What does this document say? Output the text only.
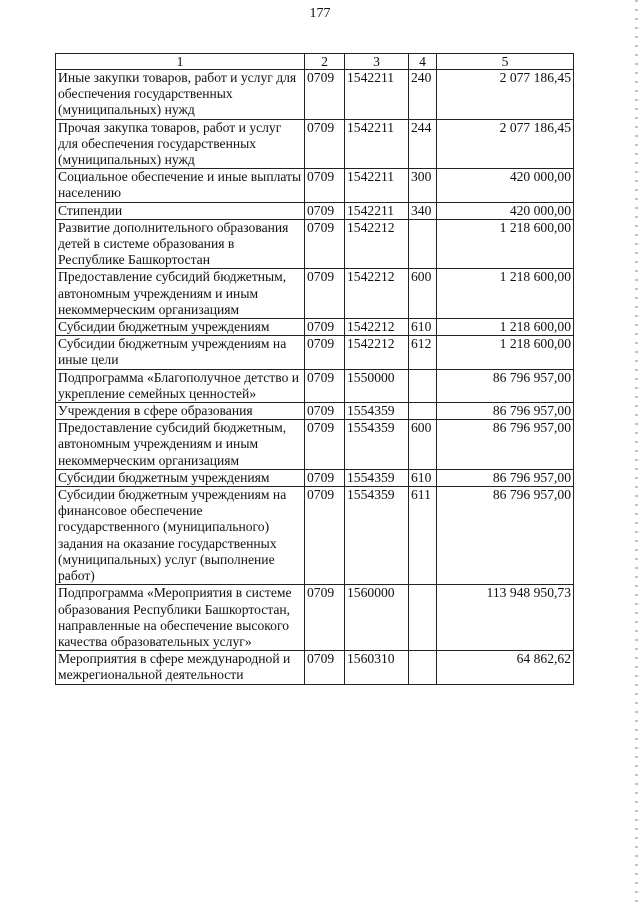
177
1	2	3	4	5
Иные закупки товаров, работ и услуг для обеспечения государственных (муниципальных) нужд	0709	1542211	240	2 077 186,45
Прочая закупка товаров, работ и услуг для обеспечения государственных (муниципальных) нужд	0709	1542211	244	2 077 186,45
Социальное обеспечение и иные выплаты населению	0709	1542211	300	420 000,00
Стипендии	0709	1542211	340	420 000,00
Развитие дополнительного образования детей в системе образования в Республике Башкортостан	0709	1542212		1 218 600,00
Предоставление субсидий бюджетным, автономным учреждениям и иным некоммерческим организациям	0709	1542212	600	1 218 600,00
Субсидии бюджетным учреждениям	0709	1542212	610	1 218 600,00
Субсидии бюджетным учреждениям на иные цели	0709	1542212	612	1 218 600,00
Подпрограмма «Благополучное детство и укрепление семейных ценностей»	0709	1550000		86 796 957,00
Учреждения в сфере образования	0709	1554359		86 796 957,00
Предоставление субсидий бюджетным, автономным учреждениям и иным некоммерческим организациям	0709	1554359	600	86 796 957,00
Субсидии бюджетным учреждениям	0709	1554359	610	86 796 957,00
Субсидии бюджетным учреждениям на финансовое обеспечение государственного (муниципального) задания на оказание государственных (муниципальных) услуг (выполнение работ)	0709	1554359	611	86 796 957,00
Подпрограмма «Мероприятия в системе образования Республики Башкортостан, направленные на обеспечение высокого качества образовательных услуг»	0709	1560000		113 948 950,73
Мероприятия в сфере международной и межрегиональной деятельности	0709	1560310		64 862,62
